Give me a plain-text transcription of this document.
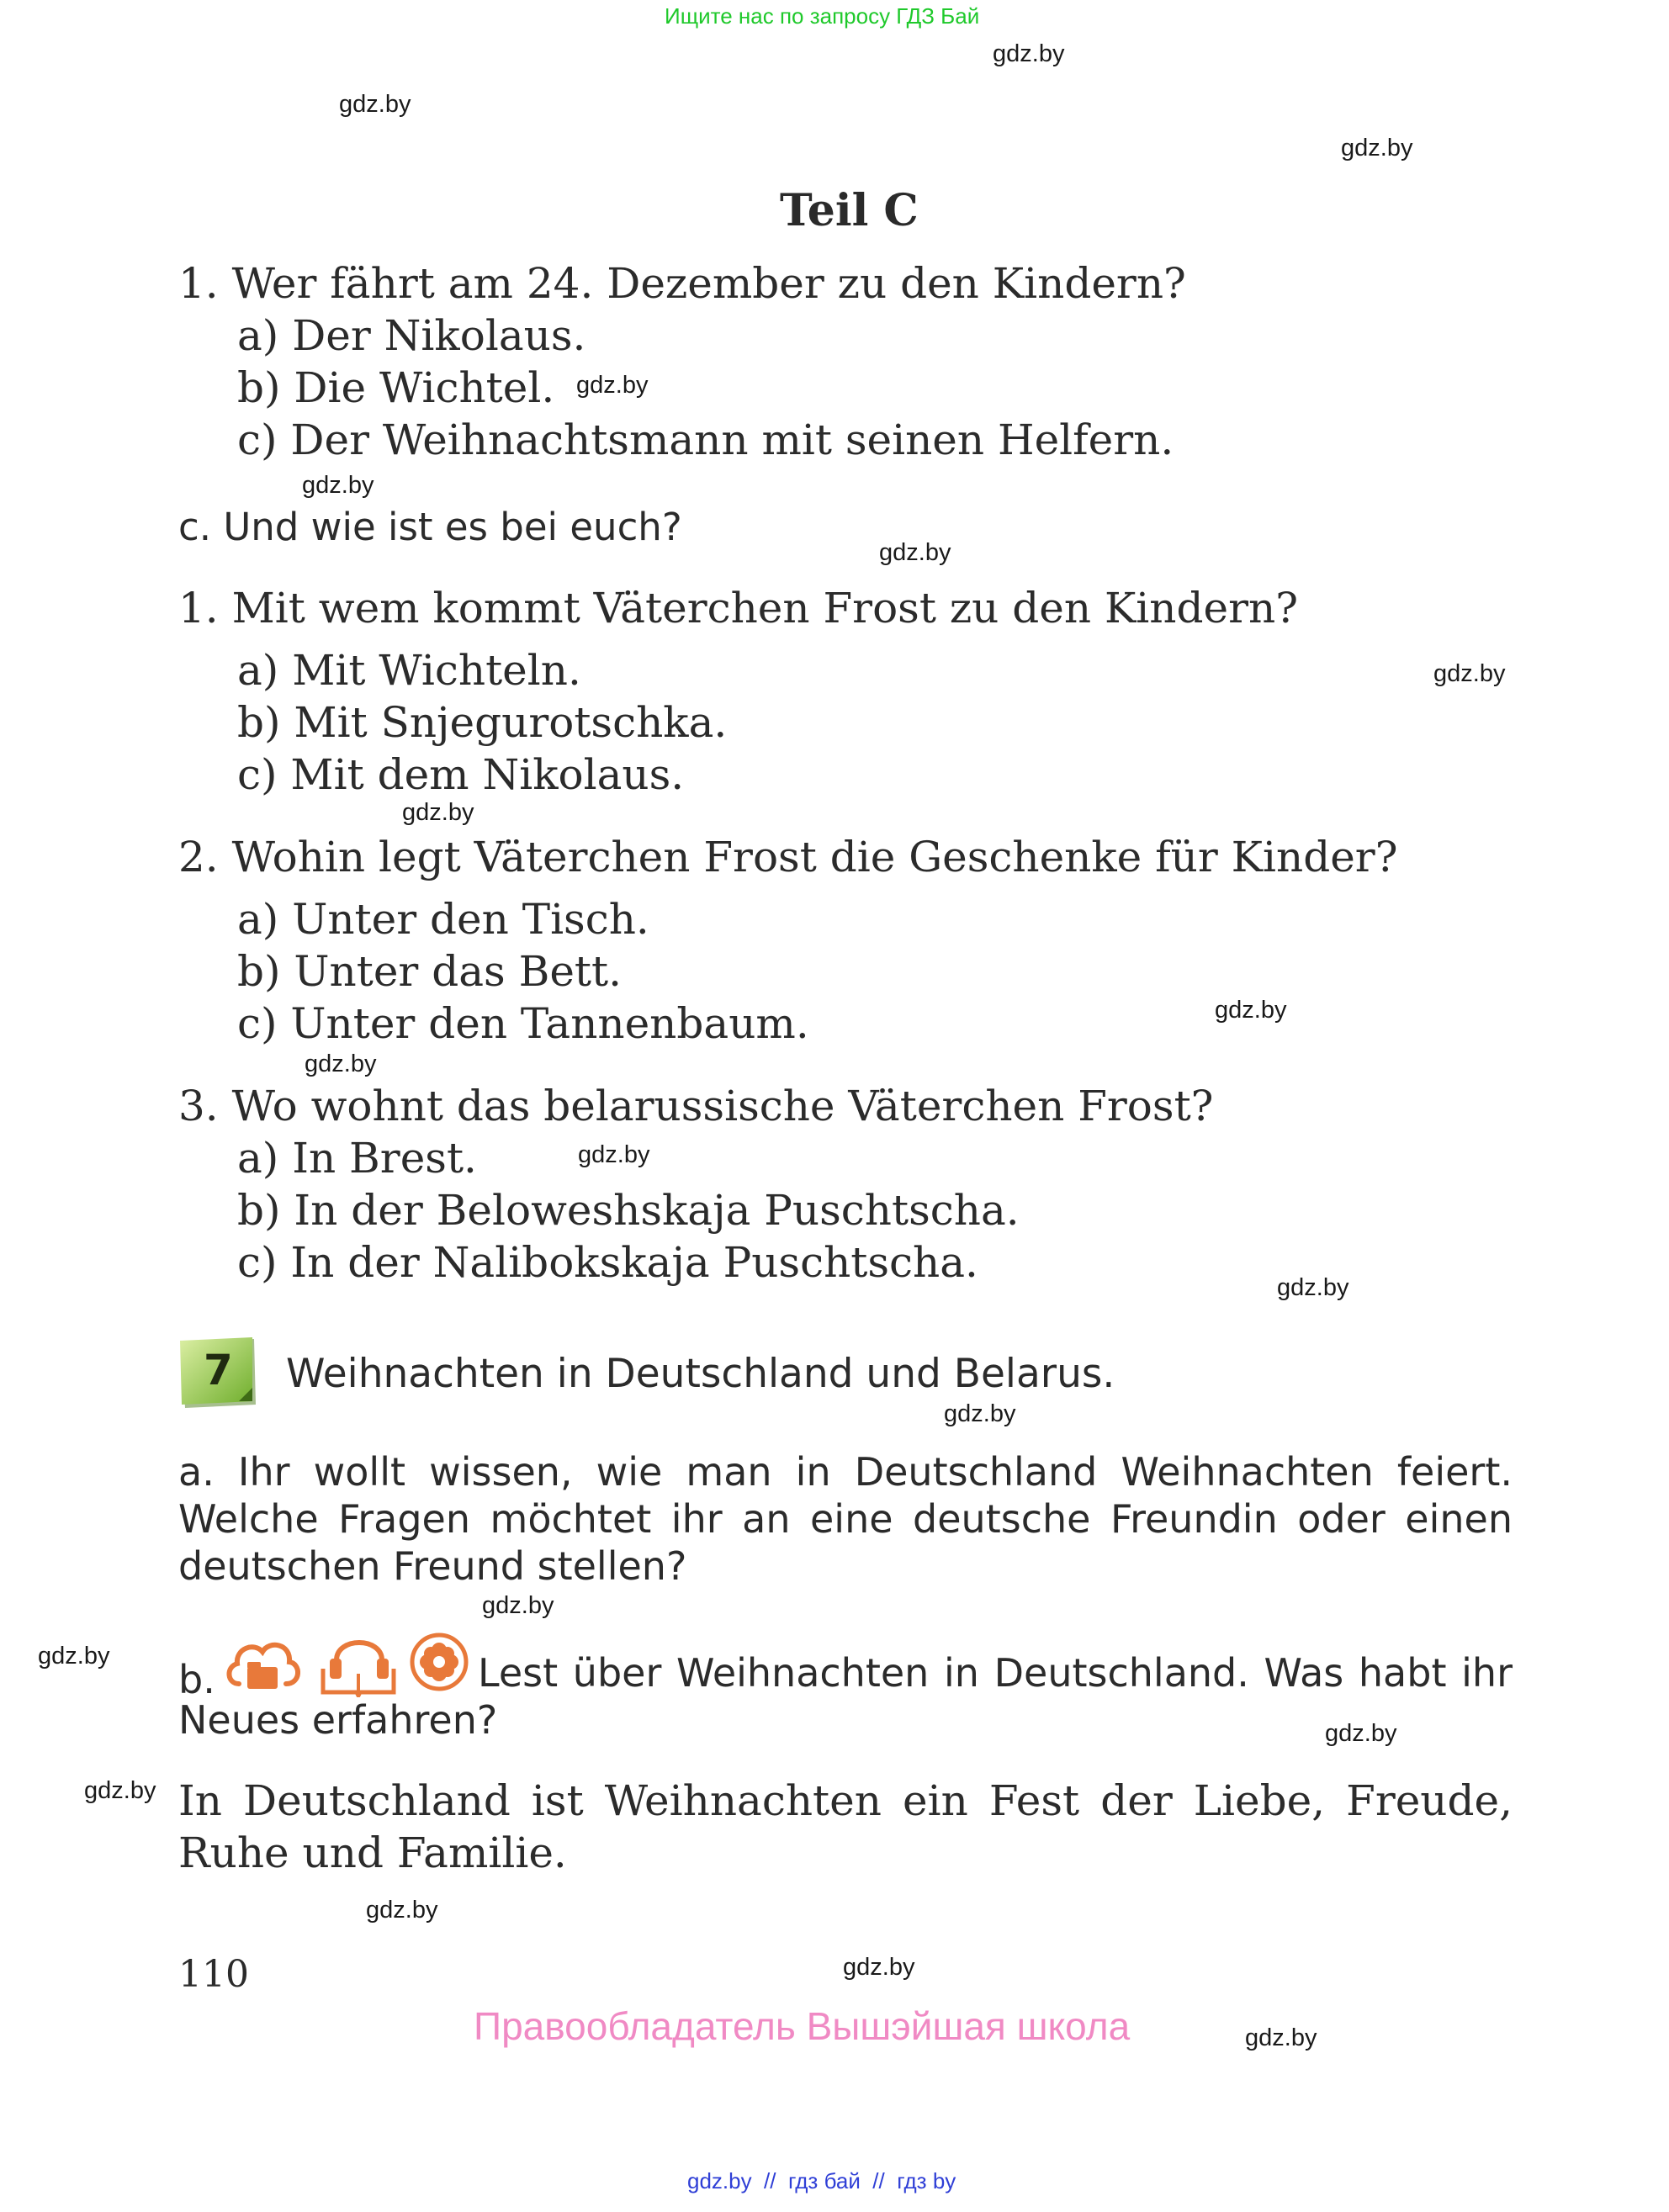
Ищите нас по запросу ГДЗ Бай
gdz.by
gdz.by
gdz.by
gdz.by
gdz.by
gdz.by
gdz.by
gdz.by
gdz.by
gdz.by
gdz.by
gdz.by
gdz.by
gdz.by
gdz.by
gdz.by
gdz.by
gdz.by
gdz.by
gdz.by
Teil C
1. Wer fährt am 24. Dezember zu den Kindern?
a) Der Nikolaus.
b) Die Wichtel.
c) Der Weihnachtsmann mit seinen Helfern.
c. Und wie ist es bei euch?
1. Mit wem kommt Väterchen Frost zu den Kindern?
a) Mit Wichteln.
b) Mit Snjegurotschka.
c) Mit dem Nikolaus.
2. Wohin legt Väterchen Frost die Geschenke für Kinder?
a) Unter den Tisch.
b) Unter das Bett.
c) Unter den Tannenbaum.
3. Wo wohnt das belarussische Väterchen Frost?
a) In Brest.
b) In der Beloweshskaja Puschtscha.
c) In der Nalibokskaja Puschtscha.
7 Weihnachten in Deutschland und Belarus.
a. Ihr wollt wissen, wie man in Deutschland Weihnachten feiert.
Welche Fragen möchtet ihr an eine deutsche Freundin oder einen
deutschen Freund stellen?
b.	Lest über Weihnachten in Deutschland. Was habt ihr
Neues erfahren?
In Deutschland ist Weihnachten ein Fest der Liebe, Freude,
Ruhe und Familie.
110
Правообладатель Вышэйшая школа
gdz.by  //  гдз бай  //  гдз by
